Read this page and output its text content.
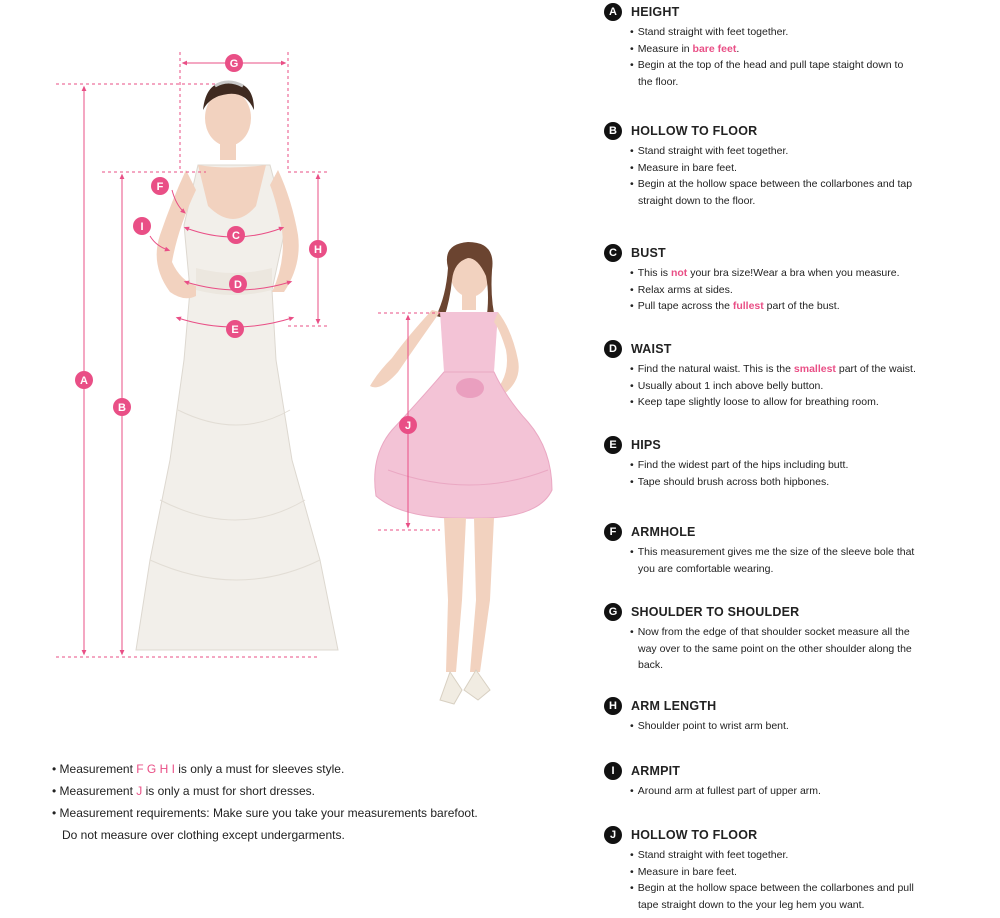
A
B
C
D
E
F
G
H
I
J
• Measurement F G H I is only a must for sleeves style.
• Measurement J is only a must for short dresses.
• Measurement requirements: Make sure you take your measurements barefoot.
Do not measure over clothing except undergarments.
A	HEIGHT
• Stand straight with feet together.
• Measure in bare feet.
• Begin at the top of the head and pull tape staight down to
the floor.
B	HOLLOW TO FLOOR
• Stand straight with feet together.
• Measure in bare feet.
• Begin at the hollow space between the collarbones and tap
straight down to the floor.
C	BUST
• This is not your bra size!Wear a bra when you measure.
• Relax arms at sides.
• Pull tape across the fullest part of the bust.
D	WAIST
• Find the natural waist. This is the smallest part of the waist.
• Usually about 1 inch above belly button.
• Keep tape slightly loose to allow for breathing room.
E	HIPS
• Find the widest part of the hips including butt.
• Tape should brush across both hipbones.
F	ARMHOLE
• This measurement gives me the size of the sleeve bole that
you are comfortable wearing.
G	SHOULDER TO SHOULDER
• Now from the edge of that shoulder socket measure all the
way over to the same point on the other shoulder along the
back.
H	ARM LENGTH
• Shoulder point to wrist arm bent.
I	ARMPIT
• Around arm at fullest part of upper arm.
J	HOLLOW TO FLOOR
• Stand straight with feet together.
• Measure in bare feet.
• Begin at the hollow space between the collarbones and pull
tape straight down to the your leg hem you want.
